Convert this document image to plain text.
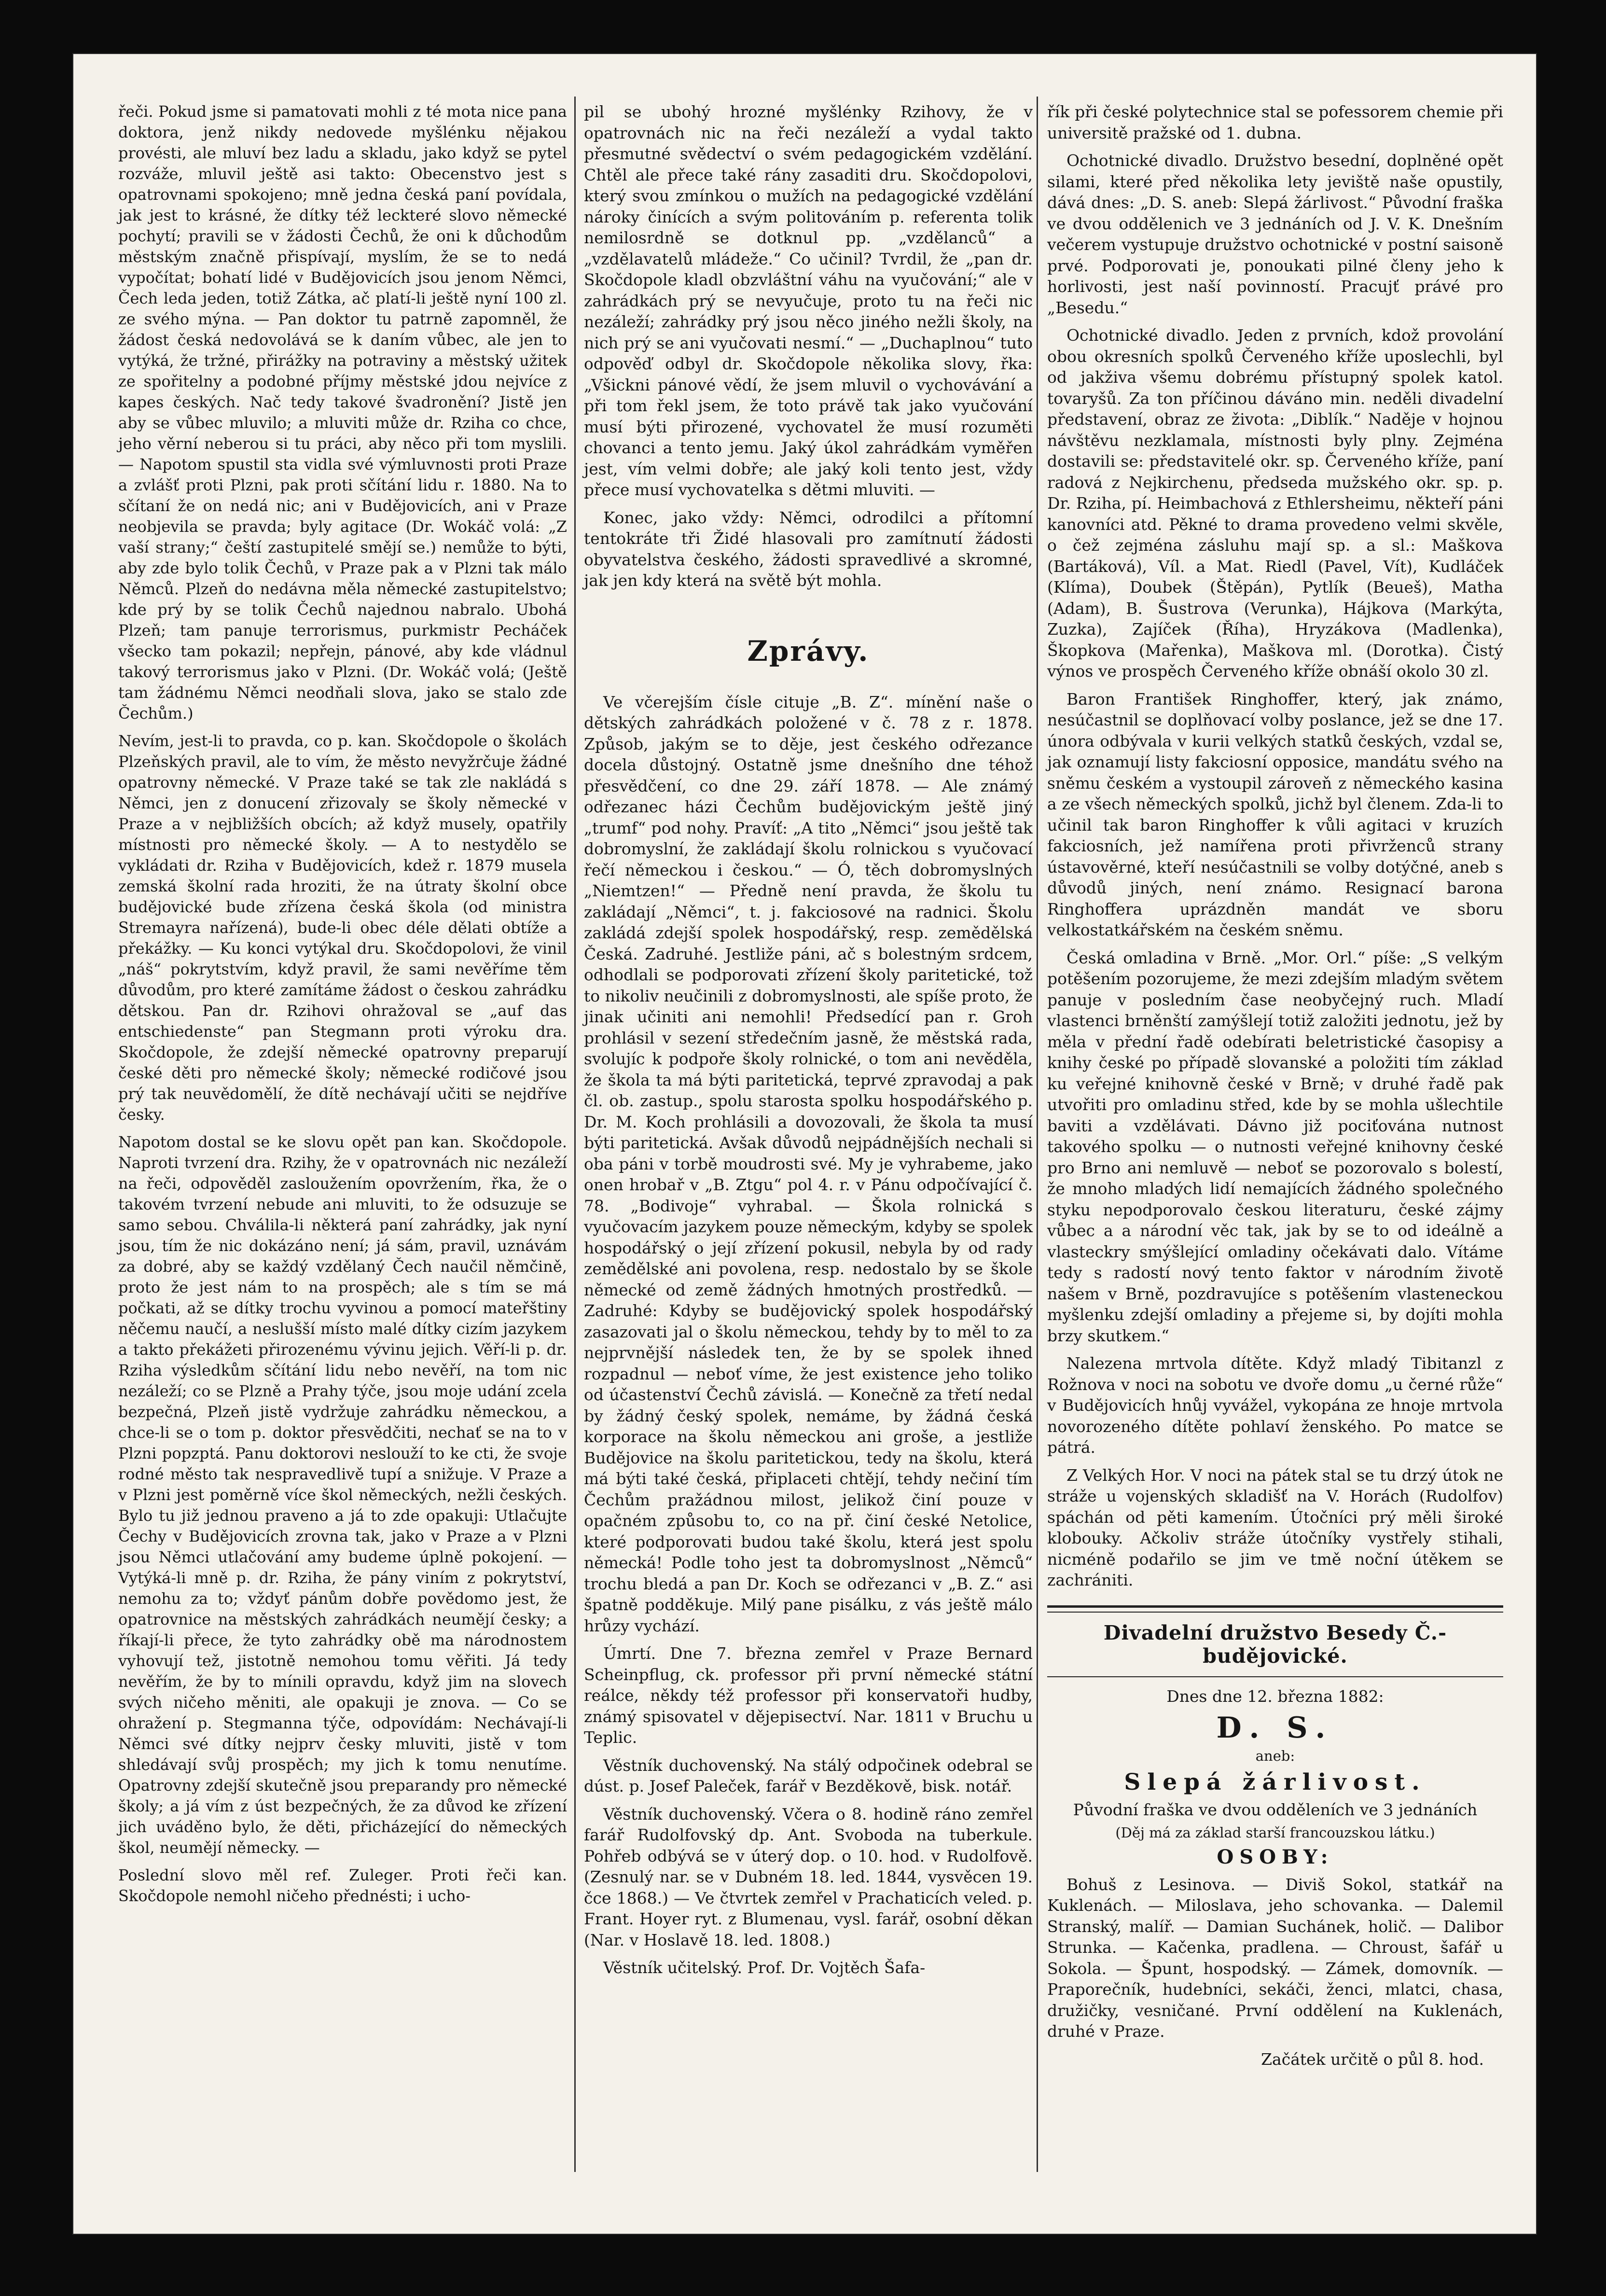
řeči. Pokud jsme si pamatovati mohli z té mota nice pana doktora, jenž nikdy nedovede myšlénku nějakou provésti, ale mluví bez ladu a skladu, jako když se pytel rozváže, mluvil ještě asi takto: Obecenstvo jest s opatrovnami spokojeno; mně jedna česká paní povídala, jak jest to krásné, že dítky též leckteré slovo německé pochytí; pravili se v žádosti Čechů, že oni k důchodům městským značně přispívají, myslím, že se to nedá vypočítat; bohatí lidé v Budějovicích jsou jenom Němci, Čech leda jeden, totiž Zátka, ač platí-li ještě nyní 100 zl. ze svého mýna. — Pan doktor tu patrně zapomněl, že žádost česká nedovolává se k daním vůbec, ale jen to vytýká, že tržné, přirážky na potraviny a městský užitek ze spořitelny a podobné příjmy městské jdou nejvíce z kapes českých. Nač tedy takové švadronění? Jistě jen aby se vůbec mluvilo; a mluviti může dr. Rziha co chce, jeho věrní neberou si tu práci, aby něco při tom myslili. — Napotom spustil sta vidla své výmluvnosti proti Praze a zvlášť proti Plzni, pak proti sčítání lidu r. 1880. Na to sčítaní že on nedá nic; ani v Budějovicích, ani v Praze neobjevila se pravda; byly agitace (Dr. Wokáč volá: „Z vaší strany;“ čeští zastupitelé smějí se.) nemůže to býti, aby zde bylo tolik Čechů, v Praze pak a v Plzni tak málo Němců. Plzeň do nedávna měla německé zastupitelstvo; kde prý by se tolik Čechů najednou nabralo. Ubohá Plzeň; tam panuje terrorismus, purkmistr Pecháček všecko tam pokazil; nepřejn, pánové, aby kde vládnul takový terrorismus jako v Plzni. (Dr. Wokáč volá; (Ještě tam žádnému Němci neodňali slova, jako se stalo zde Čechům.)

Nevím, jest-li to pravda, co p. kan. Skočdopole o školách Plzeňských pravil, ale to vím, že město nevyžrčuje žádné opatrovny německé. V Praze také se tak zle nakládá s Němci, jen z donucení zřizovaly se školy německé v Praze a v nejbližších obcích; až když musely, opatřily místnosti pro německé školy. — A to nestydělo se vykládati dr. Rziha v Budějovicích, kdež r. 1879 musela zemská školní rada hroziti, že na útraty školní obce budějovické bude zřízena česká škola (od ministra Stremayra nařízená), bude-li obec déle dělati obtíže a překážky. — Ku konci vytýkal dru. Skočdopolovi, že vinil „náš“ pokrytstvím, když pravil, že sami nevěříme těm důvodům, pro které zamítáme žádost o českou zahrádku dětskou. Pan dr. Rzihovi ohražoval se „auf das entschiedenste“ pan Stegmann proti výroku dra. Skočdopole, že zdejší německé opatrovny preparují české děti pro německé školy; německé rodičové jsou prý tak neuvědomělí, že dítě nechávají učiti se nejdříve česky.

Napotom dostal se ke slovu opět pan kan. Skočdopole. Naproti tvrzení dra. Rzihy, že v opatrovnách nic nezáleží na řeči, odpověděl zasloužením opovržením, řka, že o takovém tvrzení nebude ani mluviti, to že odsuzuje se samo sebou. Chválila-li některá paní zahrádky, jak nyní jsou, tím že nic dokázáno není; já sám, pravil, uznávám za dobré, aby se každý vzdělaný Čech naučil němčině, proto že jest nám to na prospěch; ale s tím se má počkati, až se dítky trochu vyvinou a pomocí mateřštiny něčemu naučí, a neslušší místo malé dítky cizím jazykem a takto překážeti přirozenému vývinu jejich. Věří-li p. dr. Rziha výsledkům sčítání lidu nebo nevěří, na tom nic nezáleží; co se Plzně a Prahy týče, jsou moje udání zcela bezpečná, Plzeň jistě vydržuje zahrádku německou, a chce-li se o tom p. doktor přesvědčiti, nechať se na to v Plzni popzptá. Panu doktorovi neslouží to ke cti, že svoje rodné město tak nespravedlivě tupí a snižuje. V Praze a v Plzni jest poměrně více škol německých, nežli českých. Bylo tu již jednou praveno a já to zde opakuji: Utlačujte Čechy v Budějovicích zrovna tak, jako v Praze a v Plzni jsou Němci utlačování amy budeme úplně pokojení. — Vytýká-li mně p. dr. Rziha, že pány viním z pokrytství, nemohu za to; vždyť pánům dobře povědomo jest, že opatrovnice na městských zahrádkách neumějí česky; a říkají-li přece, že tyto zahrádky obě ma národnostem vyhovují tež, jistotně nemohou tomu věřiti. Já tedy nevěřím, že by to mínili opravdu, když jim na slovech svých ničeho měniti, ale opakuji je znova. — Co se ohražení p. Stegmanna týče, odpovídám: Nechávají-li Němci své dítky nejprv česky mluviti, jistě v tom shledávají svůj prospěch; my jich k tomu nenutíme. Opatrovny zdejší skutečně jsou preparandy pro německé školy; a já vím z úst bezpečných, že za důvod ke zřízení jich uváděno bylo, že děti, přicházející do německých škol, neumějí německy. —

Poslední slovo měl ref. Zuleger. Proti řeči kan. Skočdopole nemohl ničeho přednésti; i ucho-

pil se ubohý hrozné myšlénky Rzihovy, že v opatrovnách nic na řeči nezáleží a vydal takto přesmutné svědectví o svém pedagogickém vzdělání. Chtěl ale přece také rány zasaditi dru. Skočdopolovi, který svou zmínkou o mužích na pedagogické vzdělání nároky činících a svým politováním p. referenta tolik nemilosrdně se dotknul pp. „vzdělanců“ a „vzdělavatelů mládeže.“ Co učinil? Tvrdil, že „pan dr. Skočdopole kladl obzvláštní váhu na vyučování;“ ale v zahrádkách prý se nevyučuje, proto tu na řeči nic nezáleží; zahrádky prý jsou něco jiného nežli školy, na nich prý se ani vyučovati nesmí.“ — „Duchaplnou“ tuto odpověď odbyl dr. Skočdopole několika slovy, řka: „Všickni pánové vědí, že jsem mluvil o vychovávání a při tom řekl jsem, že toto právě tak jako vyučování musí býti přirozené, vychovatel že musí rozuměti chovanci a tento jemu. Jaký úkol zahrádkám vyměřen jest, vím velmi dobře; ale jaký koli tento jest, vždy přece musí vychovatelka s dětmi mluviti. —

Konec, jako vždy: Němci, odrodilci a přítomní tentokráte tři Židé hlasovali pro zamítnutí žádosti obyvatelstva českého, žádosti spravedlivé a skromné, jak jen kdy která na světě být mohla.

Zprávy.

Ve včerejším čísle cituje „B. Z“. mínění naše o dětských zahrádkách položené v č. 78 z r. 1878. Způsob, jakým se to děje, jest českého odřezance docela důstojný. Ostatně jsme dnešního dne téhož přesvědčení, co dne 29. září 1878. — Ale známý odřezanec házi Čechům budějovickým ještě jiný „trumf“ pod nohy. Pravíť: „A tito „Němci“ jsou ještě tak dobromyslní, že zakládají školu rolnickou s vyučovací řečí německou i českou.“ — Ó, těch dobromyslných „Niemtzen!“ — Předně není pravda, že školu tu zakládají „Němci“, t. j. fakciosové na radnici. Školu zakládá zdejší spolek hospodářský, resp. zemědělská Česká. Zadruhé. Jestliže páni, ač s bolestným srdcem, odhodlali se podporovati zřízení školy paritetické, tož to nikoliv neučinili z dobromyslnosti, ale spíše proto, že jinak učiniti ani nemohli! Předsedící pan r. Groh prohlásil v sezení středečním jasně, že městská rada, svolujíc k podpoře školy rolnické, o tom ani nevěděla, že škola ta má býti paritetická, teprvé zpravodaj a pak čl. ob. zastup., spolu starosta spolku hospodářského p. Dr. M. Koch prohlásili a dovozovali, že škola ta musí býti paritetická. Avšak důvodů nejpádnějších nechali si oba páni v torbě moudrosti své. My je vyhrabeme, jako onen hrobař v „B. Ztgu“ pol 4. r. v Pánu odpočívající č. 78. „Bodivoje“ vyhrabal. — Škola rolnická s vyučovacím jazykem pouze německým, kdyby se spolek hospodářský o její zřízení pokusil, nebyla by od rady zemědělské ani povolena, resp. nedostalo by se škole německé od země žádných hmotných prostředků. — Zadruhé: Kdyby se budějovický spolek hospodářský zasazovati jal o školu německou, tehdy by to měl to za nejprvnější následek ten, že by se spolek ihned rozpadnul — neboť víme, že jest existence jeho toliko od účastenství Čechů závislá. — Konečně za třetí nedal by žádný český spolek, nemáme, by žádná česká korporace na školu německou ani groše, a jestliže Budějovice na školu paritetickou, tedy na školu, která má býti také česká, připlaceti chtějí, tehdy nečiní tím Čechům pražádnou milost, jelikož činí pouze v opačném způsobu to, co na př. činí české Netolice, které podporovati budou také školu, která jest spolu německá! Podle toho jest ta dobromyslnost „Němců“ trochu bledá a pan Dr. Koch se odřezanci v „B. Z.“ asi špatně podděkuje. Milý pane pisálku, z vás ještě málo hrůzy vychází.

Úmrtí. Dne 7. března zemřel v Praze Bernard Scheinpflug, ck. professor při první německé státní reálce, někdy též professor při konservatoři hudby, známý spisovatel v dějepisectví. Nar. 1811 v Bruchu u Teplic.

Věstník duchovenský. Na stálý odpočinek odebral se dúst. p. Josef Paleček, farář v Bezděkově, bisk. notář.

Věstník duchovenský. Včera o 8. hodině ráno zemřel farář Rudolfovský dp. Ant. Svoboda na tuberkule. Pohřeb odbývá se v úterý dop. o 10. hod. v Rudolfově. (Zesnulý nar. se v Dubném 18. led. 1844, vysvěcen 19. čce 1868.) — Ve čtvrtek zemřel v Prachaticích veled. p. Frant. Hoyer ryt. z Blumenau, vysl. farář, osobní děkan (Nar. v Hoslavě 18. led. 1808.)

Věstník učitelský. Prof. Dr. Vojtěch Šafa-

řík při české polytechnice stal se pofessorem chemie při universitě pražské od 1. dubna.

Ochotnické divadlo. Družstvo besední, doplněné opět silami, které před několika lety jeviště naše opustily, dává dnes: „D. S. aneb: Slepá žárlivost.“ Původní fraška ve dvou oddělenich ve 3 jednáních od J. V. K. Dnešním večerem vystupuje družstvo ochotnické v postní saisoně prvé. Podporovati je, ponoukati pilné členy jeho k horlivosti, jest naší povinností. Pracujť právé pro „Besedu.“

Ochotnické divadlo. Jeden z prvních, kdož provolání obou okresních spolků Červeného kříže uposlechli, byl od jakživa všemu dobrému přístupný spolek katol. tovaryšů. Za ton příčinou dáváno min. neděli divadelní představení, obraz ze života: „Diblík.“ Naděje v hojnou návštěvu nezklamala, místnosti byly plny. Zejména dostavili se: představitelé okr. sp. Červeného kříže, paní radová z Nejkirchenu, předseda mužského okr. sp. p. Dr. Rziha, pí. Heimbachová z Ethlersheimu, někteří páni kanovníci atd. Pěkné to drama provedeno velmi skvěle, o čež zejména zásluhu mají sp. a sl.: Maškova (Bartáková), Víl. a Mat. Riedl (Pavel, Vít), Kudláček (Klíma), Doubek (Štěpán), Pytlík (Beueš), Matha (Adam), B. Šustrova (Verunka), Hájkova (Markýta, Zuzka), Zajíček (Říha), Hryzákova (Madlenka), Škopkova (Mařenka), Maškova ml. (Dorotka). Čistý výnos ve prospěch Červeného kříže obnáší okolo 30 zl.

Baron František Ringhoffer, který, jak známo, nesúčastnil se doplňovací volby poslance, jež se dne 17. února odbývala v kurii velkých statků českých, vzdal se, jak oznamují listy fakciosní opposice, mandátu svého na sněmu českém a vystoupil zároveň z německého kasina a ze všech německých spolků, jichž byl členem. Zda-li to učinil tak baron Ringhoffer k vůli agitaci v kruzích fakciosních, jež namířena proti přivrženců strany ústavověrné, kteří nesúčastnili se volby dotýčné, aneb s důvodů jiných, není známo. Resignací barona Ringhoffera uprázdněn mandát ve sboru velkostatkářském na českém sněmu.

Česká omladina v Brně. „Mor. Orl.“ píše: „S velkým potěšením pozorujeme, že mezi zdejším mladým světem panuje v posledním čase neobyčejný ruch. Mladí vlastenci brněnští zamýšlejí totiž založiti jednotu, jež by měla v přední řadě odebírati beletristické časopisy a knihy české po případě slovanské a položiti tím základ ku veřejné knihovně české v Brně; v druhé řadě pak utvořiti pro omladinu střed, kde by se mohla ušlechtile baviti a vzdělávati. Dávno již pociťována nutnost takového spolku — o nutnosti veřejné knihovny české pro Brno ani nemluvě — neboť se pozorovalo s bolestí, že mnoho mladých lidí nemajících žádného společného styku nepodporovalo českou literaturu, české zájmy vůbec a a národní věc tak, jak by se to od ideálně a vlasteckry smýšlející omladiny očekávati dalo. Vítáme tedy s radostí nový tento faktor v národním životě našem v Brně, pozdravujíce s potěšením vlasteneckou myšlenku zdejší omladiny a přejeme si, by dojíti mohla brzy skutkem.“

Nalezena mrtvola dítěte. Když mladý Tibitanzl z Rožnova v noci na sobotu ve dvoře domu „u černé růže“ v Budějovicích hnůj vyvážel, vykopána ze hnoje mrtvola novorozeného dítěte pohlaví ženského. Po matce se pátrá.

Z Velkých Hor. V noci na pátek stal se tu drzý útok ne stráže u vojenských skladišť na V. Horách (Rudolfov) spáchán od pěti kamením. Útočníci prý měli široké klobouky. Ačkoliv stráže útočníky vystřely stihali, nicméně podařilo se jim ve tmě noční útěkem se zachrániti.

Divadelní družstvo Besedy Č.-budějovické.

Dnes dne 12. března 1882:

D. S.

aneb:

Slepá žárlivost.

Původní fraška ve dvou odděleních ve 3 jednáních

(Děj má za základ starší francouzskou látku.)

OSOBY:

Bohuš z Lesinova. — Diviš Sokol, statkář na Kuklenách. — Miloslava, jeho schovanka. — Dalemil Stranský, malíř. — Damian Suchánek, holič. — Dalibor Strunka. — Kačenka, pradlena. — Chroust, šafář u Sokola. — Špunt, hospodský. — Zámek, domovník. — Praporečník, hudebníci, sekáči, ženci, mlatci, chasa, družičky, vesničané. První oddělení na Kuklenách, druhé v Praze.

Začátek určitě o půl 8. hod.
